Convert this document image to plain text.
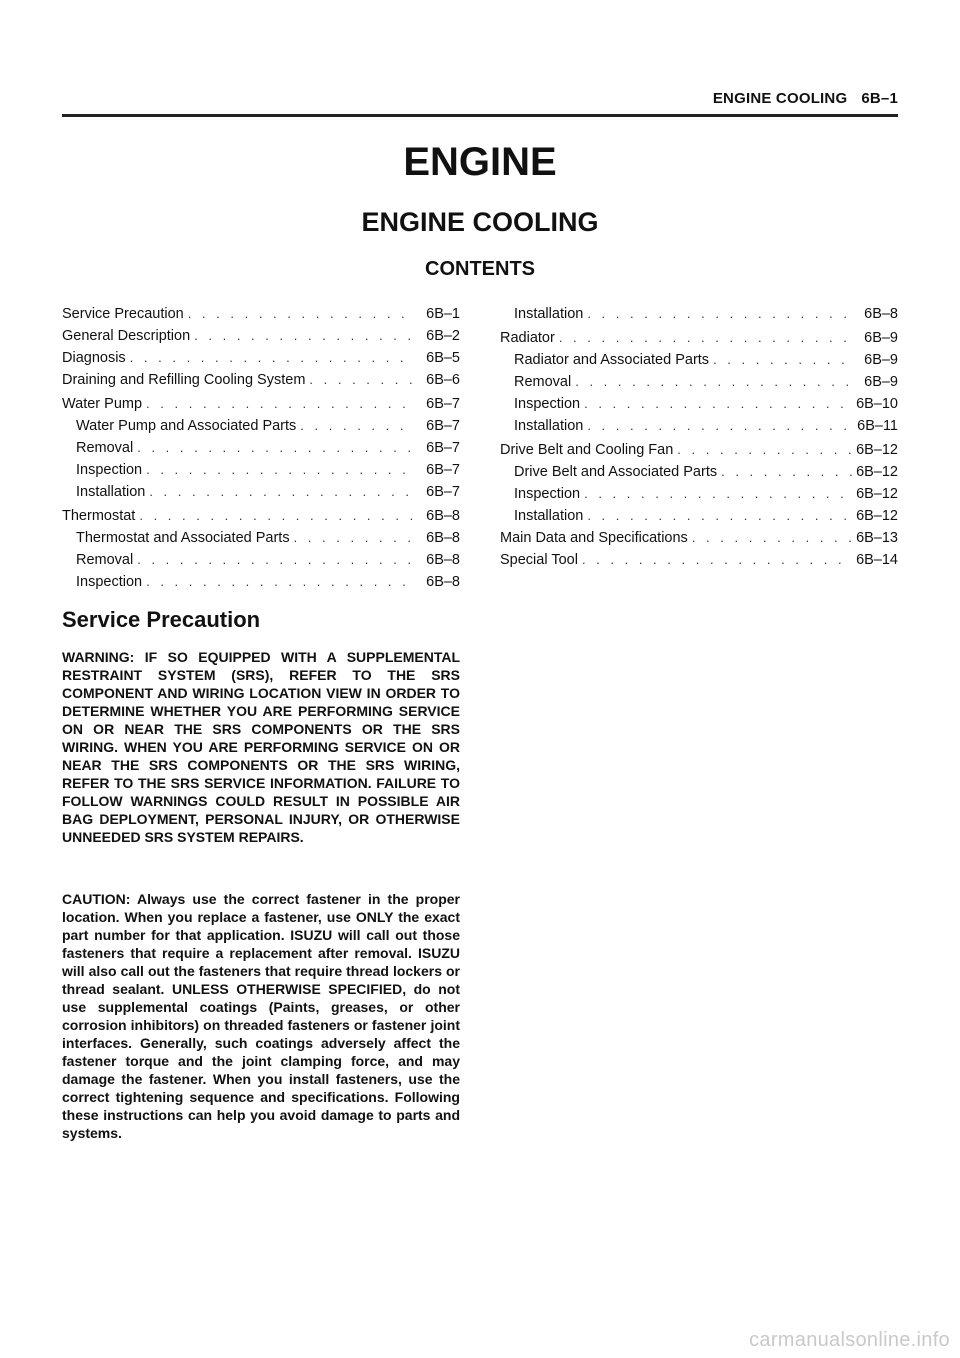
ENGINE COOLING 6B–1
ENGINE
ENGINE COOLING
CONTENTS
Service Precaution . . .	6B–1
General Description . . .	6B–2
Diagnosis . . .	6B–5
Draining and Refilling Cooling System . . .	6B–6
Water Pump . . .	6B–7
Water Pump and Associated Parts . . .	6B–7
Removal . . .	6B–7
Inspection . . .	6B–7
Installation . . .	6B–7
Thermostat . . .	6B–8
Thermostat and Associated Parts . . .	6B–8
Removal . . .	6B–8
Inspection . . .	6B–8
Installation . . .	6B–8
Radiator . . .	6B–9
Radiator and Associated Parts . . .	6B–9
Removal . . .	6B–9
Inspection . . .	6B–10
Installation . . .	6B–11
Drive Belt and Cooling Fan . . .	6B–12
Drive Belt and Associated Parts . . .	6B–12
Inspection . . .	6B–12
Installation . . .	6B–12
Main Data and Specifications . . .	6B–13
Special Tool . . .	6B–14
Service Precaution

WARNING: IF SO EQUIPPED WITH A SUPPLEMENTAL RESTRAINT SYSTEM (SRS), REFER TO THE SRS COMPONENT AND WIRING LOCATION VIEW IN ORDER TO DETERMINE WHETHER YOU ARE PERFORMING SERVICE ON OR NEAR THE SRS COMPONENTS OR THE SRS WIRING. WHEN YOU ARE PERFORMING SERVICE ON OR NEAR THE SRS COMPONENTS OR THE SRS WIRING, REFER TO THE SRS SERVICE INFORMATION. FAILURE TO FOLLOW WARNINGS COULD RESULT IN POSSIBLE AIR BAG DEPLOYMENT, PERSONAL INJURY, OR OTHERWISE UNNEEDED SRS SYSTEM REPAIRS.

CAUTION: Always use the correct fastener in the proper location. When you replace a fastener, use ONLY the exact part number for that application. ISUZU will call out those fasteners that require a replacement after removal. ISUZU will also call out the fasteners that require thread lockers or thread sealant. UNLESS OTHERWISE SPECIFIED, do not use supplemental coatings (Paints, greases, or other corrosion inhibitors) on threaded fasteners or fastener joint interfaces. Generally, such coatings adversely affect the fastener torque and the joint clamping force, and may damage the fastener. When you install fasteners, use the correct tightening sequence and specifications. Following these instructions can help you avoid damage to parts and systems.

carmanualsonline.info
